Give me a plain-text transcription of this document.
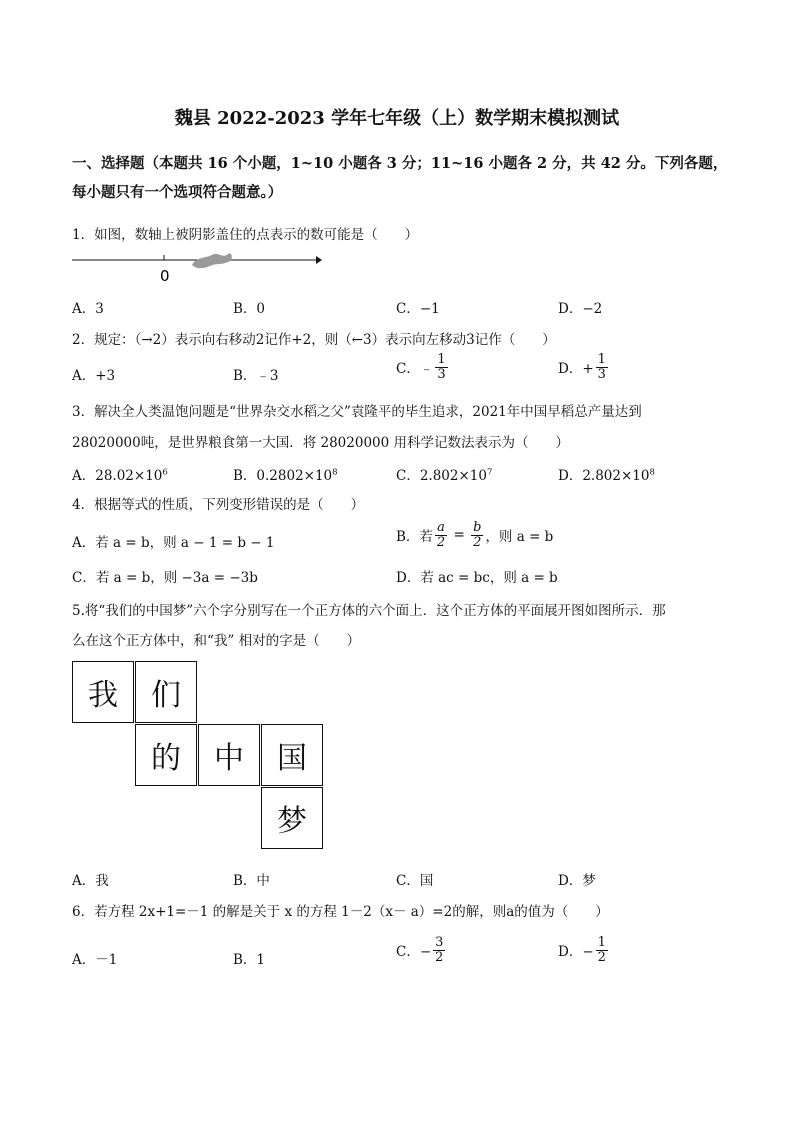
魏县 2022-2023 学年七年级（上）数学期末模拟测试
一、选择题（本题共 16 个小题，1~10 小题各 3 分；11~16 小题各 2 分，共 42 分。下列各题，
每小题只有一个选项符合题意。）
1．如图，数轴上被阴影盖住的点表示的数可能是（　　）
0
A．3	B．0	C．−1	D．−2
2．规定：（→2）表示向右移动2记作+2，则（←3）表示向左移动3记作（　　）
A．+3	B．﹣3	C．﹣ $\frac{1}{3}$	D．+ $\frac{1}{3}$
3．解决全人类温饱问题是“世界杂交水稻之父”袁隆平的毕生追求，2021年中国早稻总产量达到
28020000吨，是世界粮食第一大国．将 28020000 用科学记数法表示为（　　）
A．$28.02\times 10^6$	B．$0.2802\times 10^8$	C．$2.802\times 10^7$	D．$2.802\times 10^8$
4．根据等式的性质，下列变形错误的是（　　）
A．若 a = b，则 a − 1 = b − 1	B．若 $\frac{a}{2} = \frac{b}{2}$ ，则 a = b
C．若 a = b，则 −3a = −3b	D．若 ac = bc，则 a = b
5.将“我们的中国梦”六个字分别写在一个正方体的六个面上．这个正方体的平面展开图如图所示．那
么在这个正方体中，和“我” 相对的字是（　　）
我	们
的	中	国
梦
A．我	B．中	C．国	D．梦
6．若方程 2x+1=－1 的解是关于 x 的方程 1－2（x－ a）=2的解，则a的值为（　　）
A．－1	B．1	C．− $\frac{3}{2}$	D．− $\frac{1}{2}$
